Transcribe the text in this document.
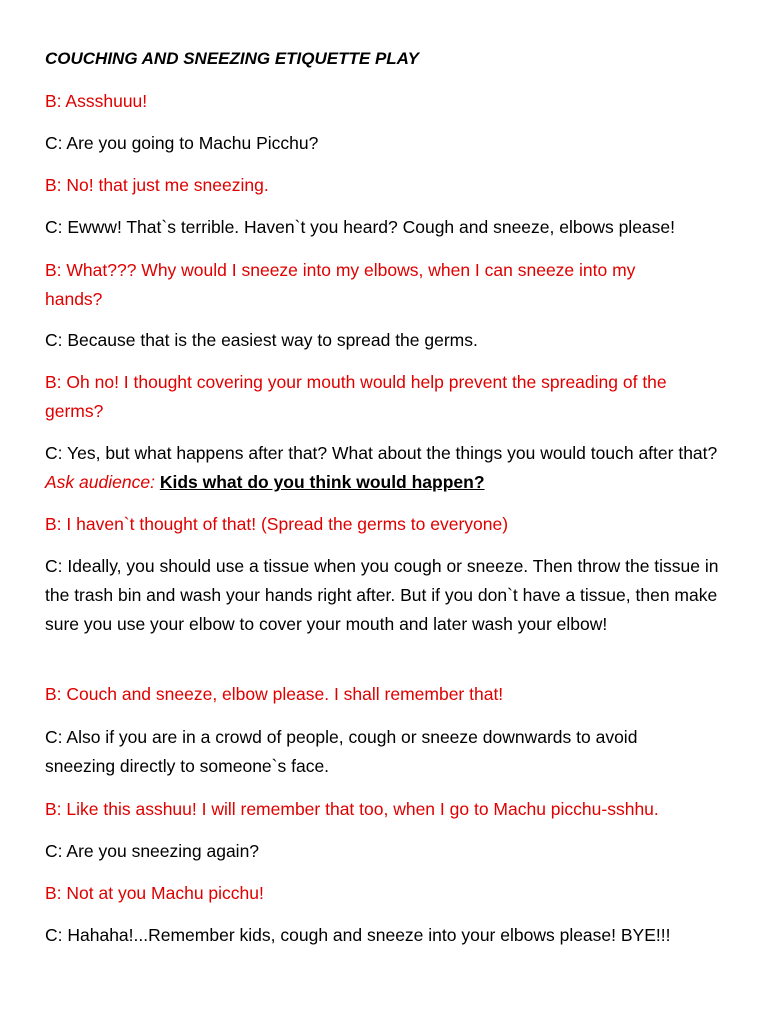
COUCHING AND SNEEZING ETIQUETTE PLAY
B: Assshuuu!
C: Are you going to Machu Picchu?
B: No! that just me sneezing.
C: Ewww! That`s terrible. Haven`t you heard? Cough and sneeze, elbows please!
B: What??? Why would I sneeze into my elbows, when I can sneeze into my hands?
C: Because that is the easiest way to spread the germs.
B: Oh no! I thought covering your mouth would help prevent the spreading of the germs?
C: Yes, but what happens after that? What about the things you would touch after that? Ask audience: Kids what do you think would happen?
B: I haven`t thought of that! (Spread the germs to everyone)
C: Ideally, you should use a tissue when you cough or sneeze. Then throw the tissue in the trash bin and wash your hands right after. But if you don`t have a tissue, then make sure you use your elbow to cover your mouth and later wash your elbow!
B: Couch and sneeze, elbow please. I shall remember that!
C: Also if you are in a crowd of people, cough or sneeze downwards to avoid sneezing directly to someone`s face.
B: Like this asshuu! I will remember that too, when I go to Machu picchu-sshhu.
C: Are you sneezing again?
B: Not at you Machu picchu!
C: Hahaha!...Remember kids, cough and sneeze into your elbows please! BYE!!!
